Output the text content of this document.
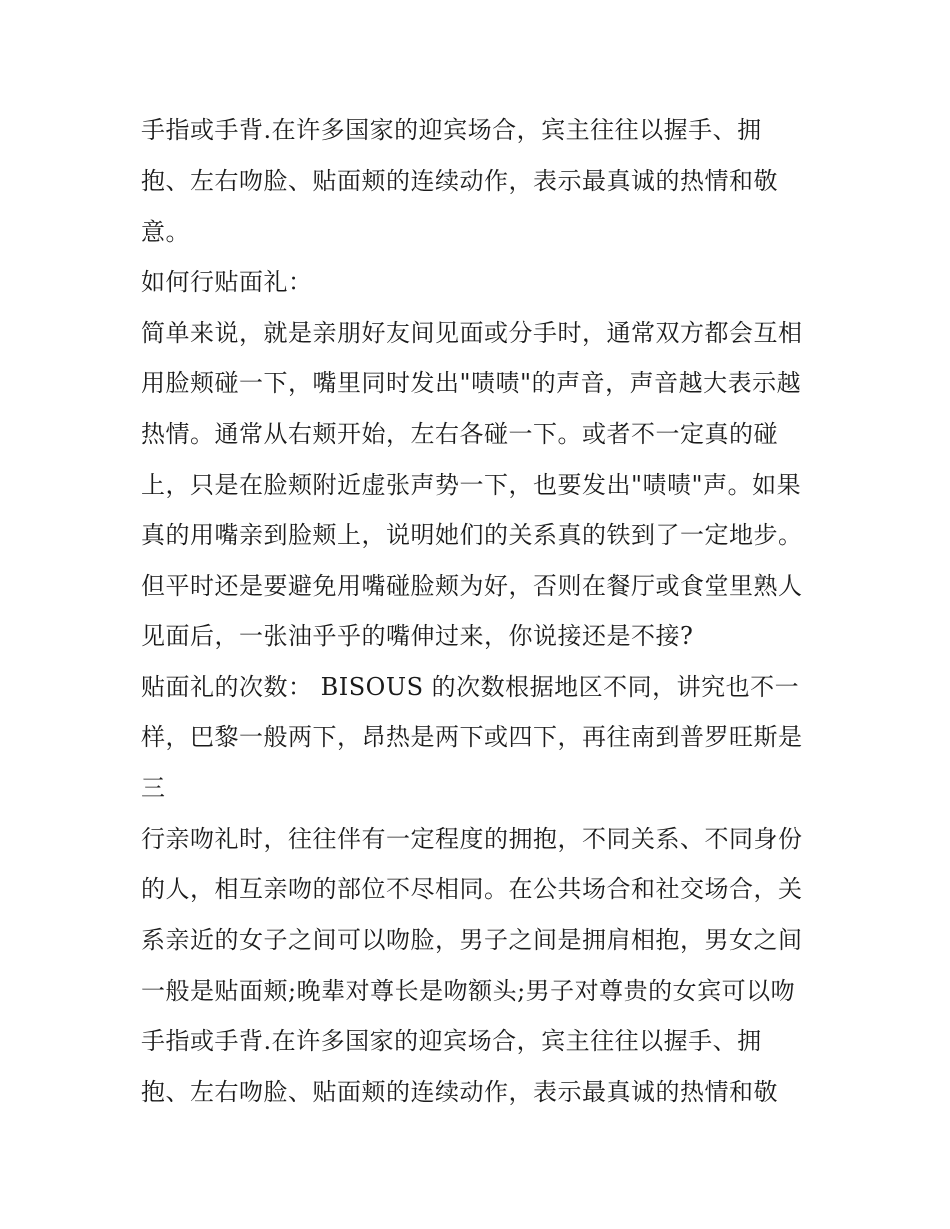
手指或手背.在许多国家的迎宾场合，宾主往往以握手、拥
抱、左右吻脸、贴面颊的连续动作，表示最真诚的热情和敬
意。
如何行贴面礼：
简单来说，就是亲朋好友间见面或分手时，通常双方都会互相
用脸颊碰一下，嘴里同时发出"啧啧"的声音，声音越大表示越
热情。通常从右颊开始，左右各碰一下。或者不一定真的碰
上，只是在脸颊附近虚张声势一下，也要发出"啧啧"声。如果
真的用嘴亲到脸颊上，说明她们的关系真的铁到了一定地步。
但平时还是要避免用嘴碰脸颊为好，否则在餐厅或食堂里熟人
见面后，一张油乎乎的嘴伸过来，你说接还是不接?
贴面礼的次数： BISOUS 的次数根据地区不同，讲究也不一
样，巴黎一般两下，昂热是两下或四下，再往南到普罗旺斯是
三
行亲吻礼时，往往伴有一定程度的拥抱，不同关系、不同身份
的人，相互亲吻的部位不尽相同。在公共场合和社交场合，关
系亲近的女子之间可以吻脸，男子之间是拥肩相抱，男女之间
一般是贴面颊;晚辈对尊长是吻额头;男子对尊贵的女宾可以吻
手指或手背.在许多国家的迎宾场合，宾主往往以握手、拥
抱、左右吻脸、贴面颊的连续动作，表示最真诚的热情和敬
